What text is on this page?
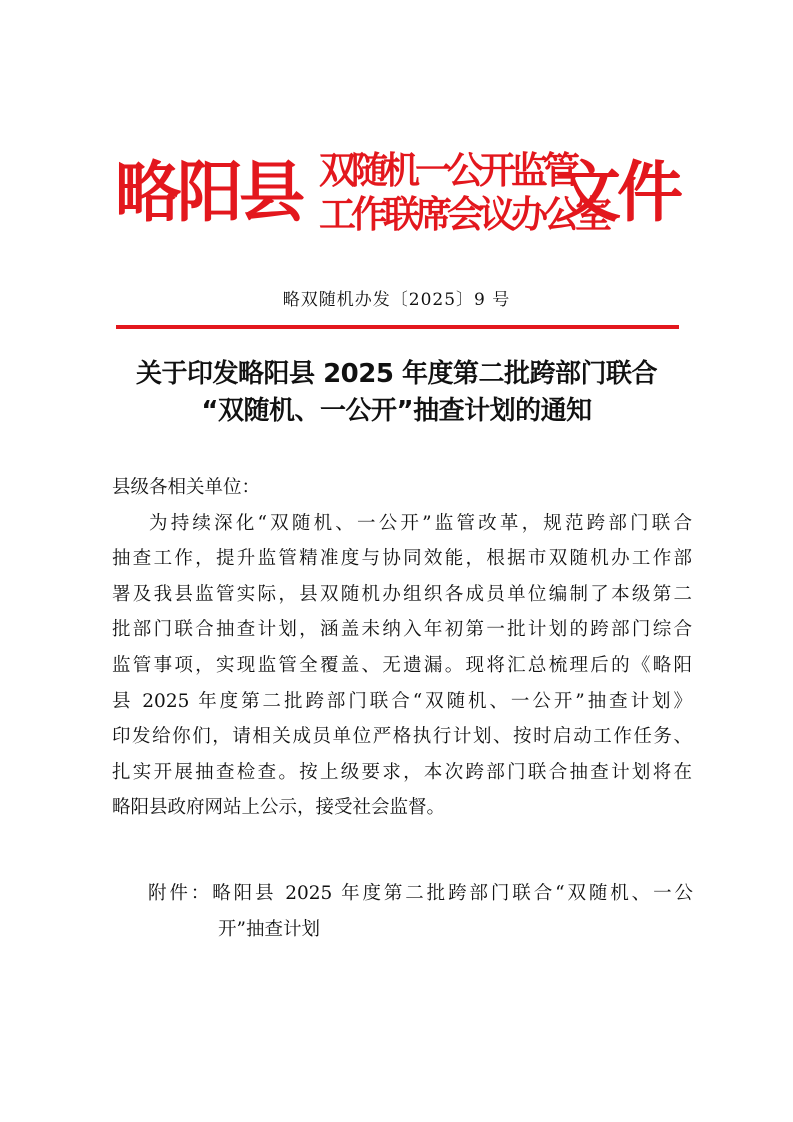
略阳县 双随机一公开监管
工作联席会议办公室
文件
略双随机办发〔2025〕9 号
关于印发略阳县 2025 年度第二批跨部门联合
“双随机、一公开”抽查计划的通知
县级各相关单位：
为持续深化“双随机、一公开”监管改革，规范跨部门联合
抽查工作，提升监管精准度与协同效能，根据市双随机办工作部
署及我县监管实际，县双随机办组织各成员单位编制了本级第二
批部门联合抽查计划，涵盖未纳入年初第一批计划的跨部门综合
监管事项，实现监管全覆盖、无遗漏。现将汇总梳理后的《略阳
县 2025 年度第二批跨部门联合“双随机、一公开”抽查计划》
印发给你们，请相关成员单位严格执行计划、按时启动工作任务、
扎实开展抽查检查。按上级要求，本次跨部门联合抽查计划将在
略阳县政府网站上公示，接受社会监督。
附件：略阳县 2025 年度第二批跨部门联合“双随机、一公
开”抽查计划
